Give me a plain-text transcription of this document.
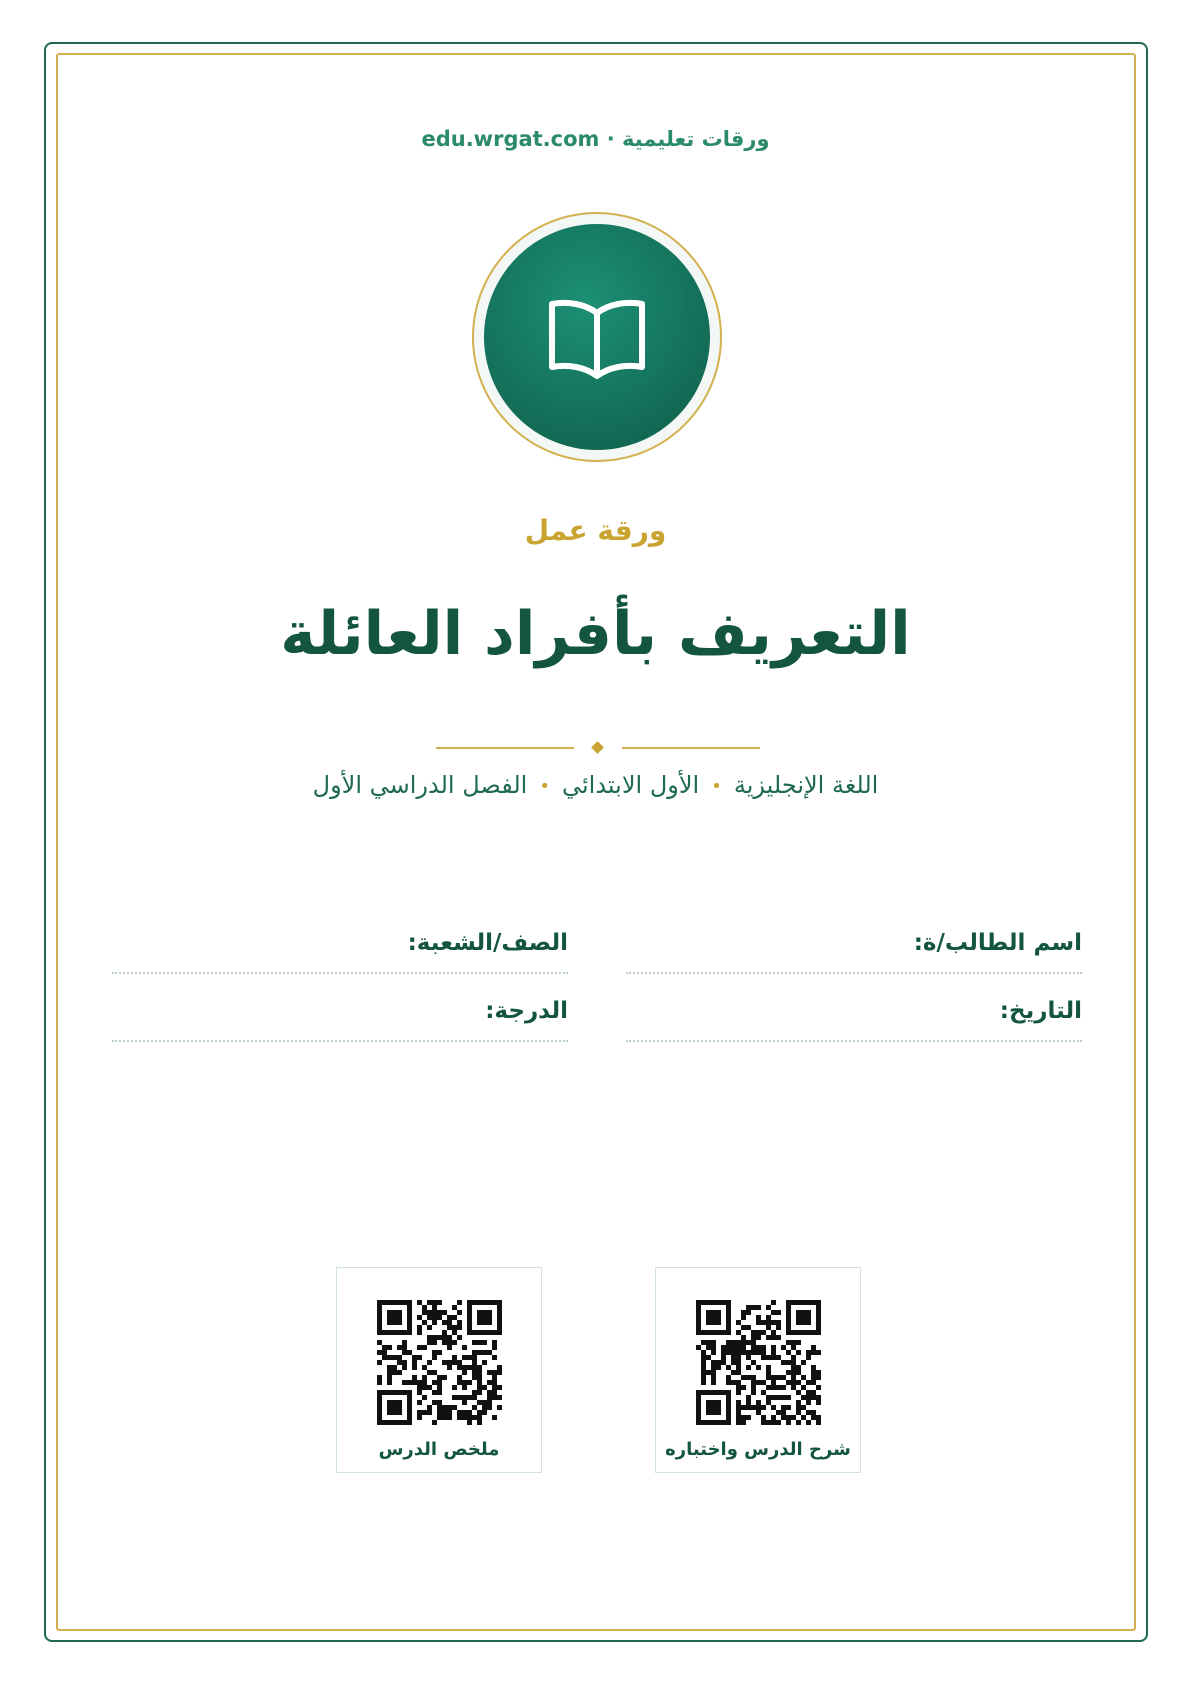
ورقات تعليمية · edu.wrgat.com
ورقة عمل
التعريف بأفراد العائلة
اللغة الإنجليزية•الأول الابتدائي•الفصل الدراسي الأول
اسم الطالب/ة:
الصف/الشعبة:
التاريخ:
الدرجة:
شرح الدرس واختباره
ملخص الدرس
